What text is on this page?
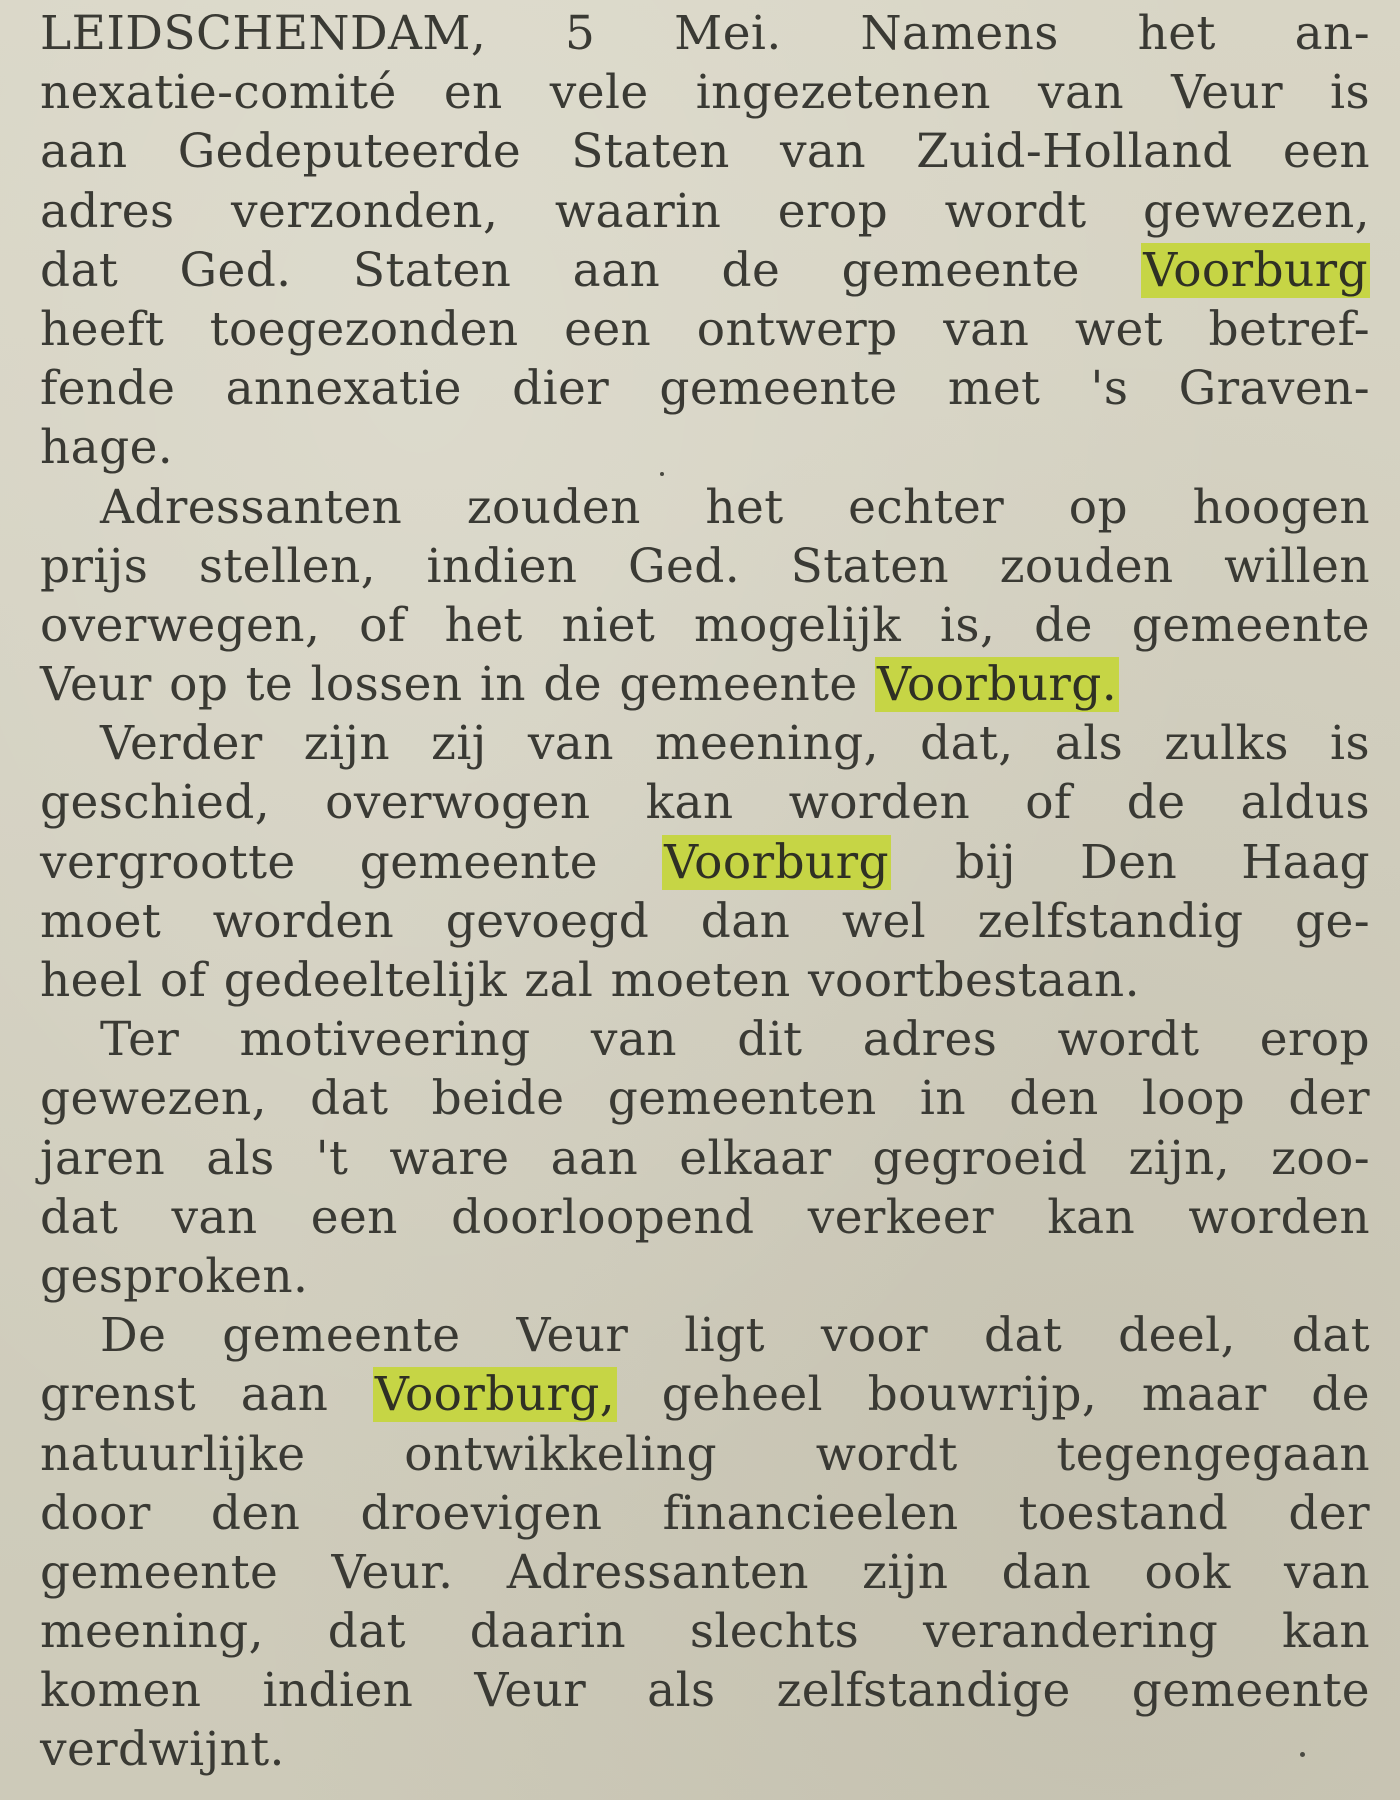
LEIDSCHENDAM, 5 Mei. Namens het an-
nexatie-comité en vele ingezetenen van Veur is
aan Gedeputeerde Staten van Zuid-Holland een
adres verzonden, waarin erop wordt gewezen,
dat Ged. Staten aan de gemeente Voorburg
heeft toegezonden een ontwerp van wet betref-
fende annexatie dier gemeente met 's Graven-
hage.
Adressanten zouden het echter op hoogen
prijs stellen, indien Ged. Staten zouden willen
overwegen, of het niet mogelijk is, de gemeente
Veur op te lossen in de gemeente Voorburg.
Verder zijn zij van meening, dat, als zulks is
geschied, overwogen kan worden of de aldus
vergrootte gemeente Voorburg bij Den Haag
moet worden gevoegd dan wel zelfstandig ge-
heel of gedeeltelijk zal moeten voortbestaan.
Ter motiveering van dit adres wordt erop
gewezen, dat beide gemeenten in den loop der
jaren als 't ware aan elkaar gegroeid zijn, zoo-
dat van een doorloopend verkeer kan worden
gesproken.
De gemeente Veur ligt voor dat deel, dat
grenst aan Voorburg, geheel bouwrijp, maar de
natuurlijke ontwikkeling wordt tegengegaan
door den droevigen financieelen toestand der
gemeente Veur. Adressanten zijn dan ook van
meening, dat daarin slechts verandering kan
komen indien Veur als zelfstandige gemeente
verdwijnt.
